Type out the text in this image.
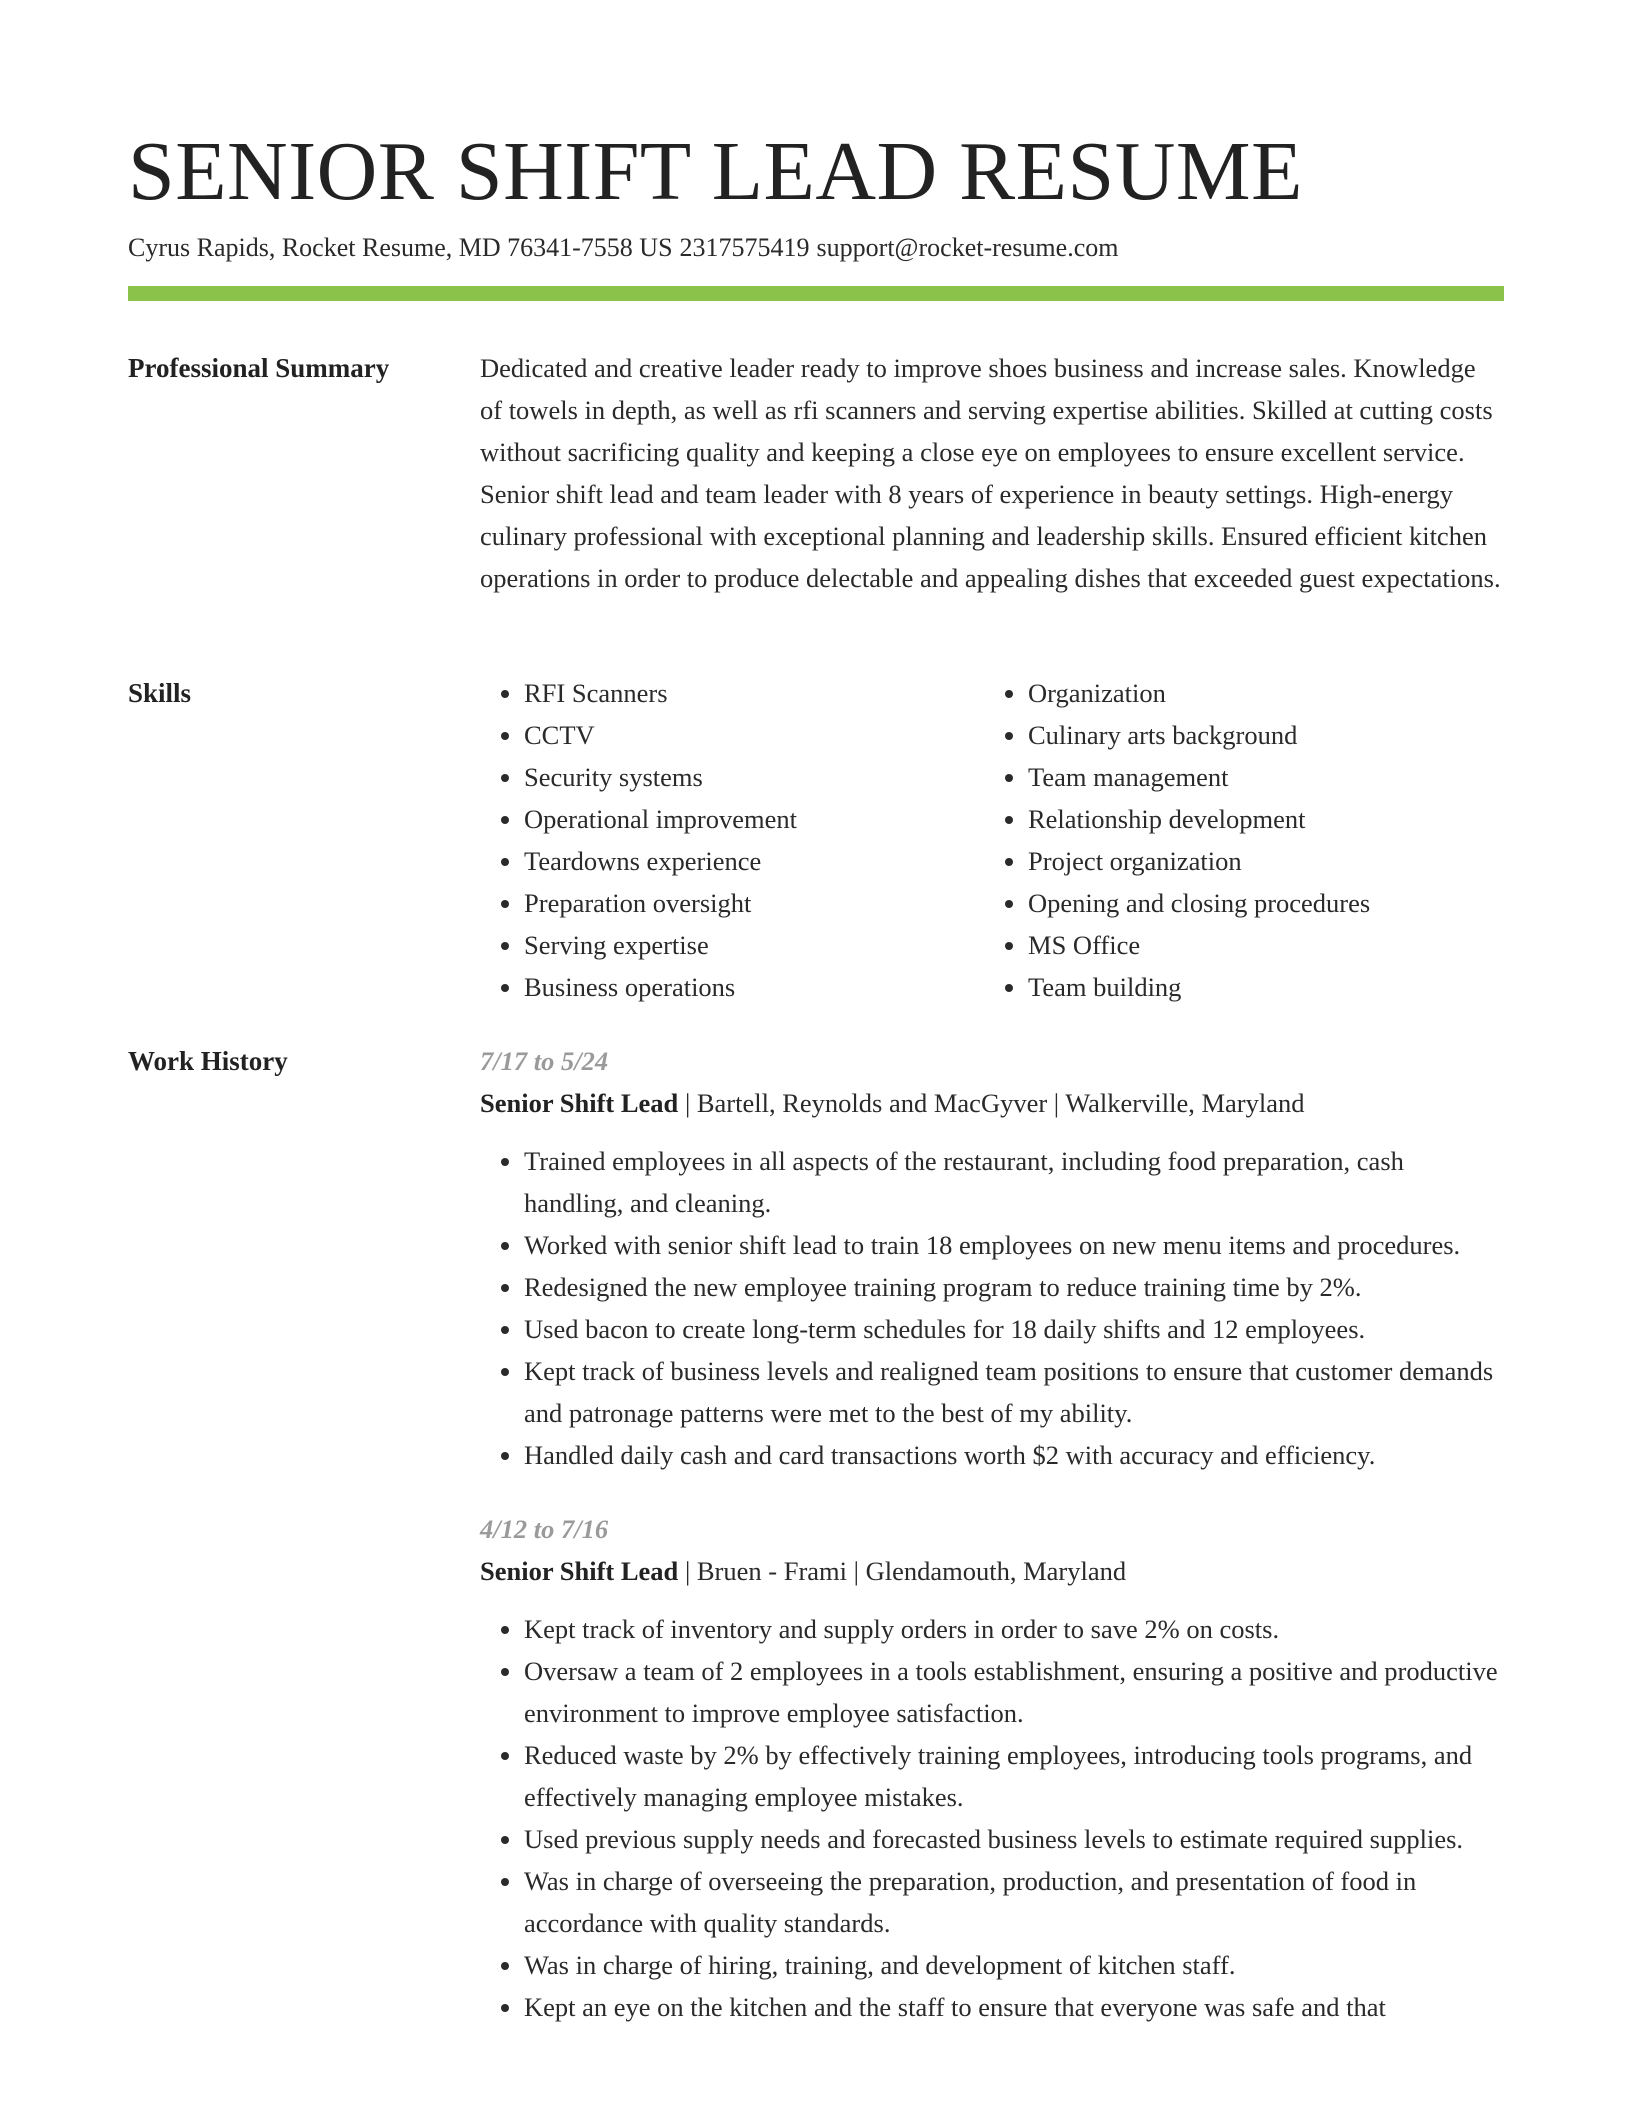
SENIOR SHIFT LEAD RESUME
Cyrus Rapids, Rocket Resume, MD 76341-7558 US 2317575419 support@rocket-resume.com
Professional Summary	Dedicated and creative leader ready to improve shoes business and increase sales. Knowledge of towels in depth, as well as rfi scanners and serving expertise abilities. Skilled at cutting costs without sacrificing quality and keeping a close eye on employees to ensure excellent service. Senior shift lead and team leader with 8 years of experience in beauty settings. High-energy culinary professional with exceptional planning and leadership skills. Ensured efficient kitchen operations in order to produce delectable and appealing dishes that exceeded guest expectations.

Skills
•	RFI Scanners
• CCTV
• Security systems
• Operational improvement
• Teardowns experience
• Preparation oversight
• Serving expertise
• Business operations
• Organization
• Culinary arts background
• Team management
• Relationship development
• Project organization
• Opening and closing procedures
• MS Office
• Team building
Work History	7/17 to 5/24
Senior Shift Lead | Bartell, Reynolds and MacGyver | Walkerville, Maryland
• Trained employees in all aspects of the restaurant, including food preparation, cash handling, and cleaning.
• Worked with senior shift lead to train 18 employees on new menu items and procedures.
• Redesigned the new employee training program to reduce training time by 2%.
• Used bacon to create long-term schedules for 18 daily shifts and 12 employees.
• Kept track of business levels and realigned team positions to ensure that customer demands and patronage patterns were met to the best of my ability.
• Handled daily cash and card transactions worth $2 with accuracy and efficiency.
4/12 to 7/16
Senior Shift Lead | Bruen - Frami | Glendamouth, Maryland
• Kept track of inventory and supply orders in order to save 2% on costs.
• Oversaw a team of 2 employees in a tools establishment, ensuring a positive and productive environment to improve employee satisfaction.
• Reduced waste by 2% by effectively training employees, introducing tools programs, and effectively managing employee mistakes.
• Used previous supply needs and forecasted business levels to estimate required supplies.
• Was in charge of overseeing the preparation, production, and presentation of food in accordance with quality standards.
• Was in charge of hiring, training, and development of kitchen staff.
• Kept an eye on the kitchen and the staff to ensure that everyone was safe and that
